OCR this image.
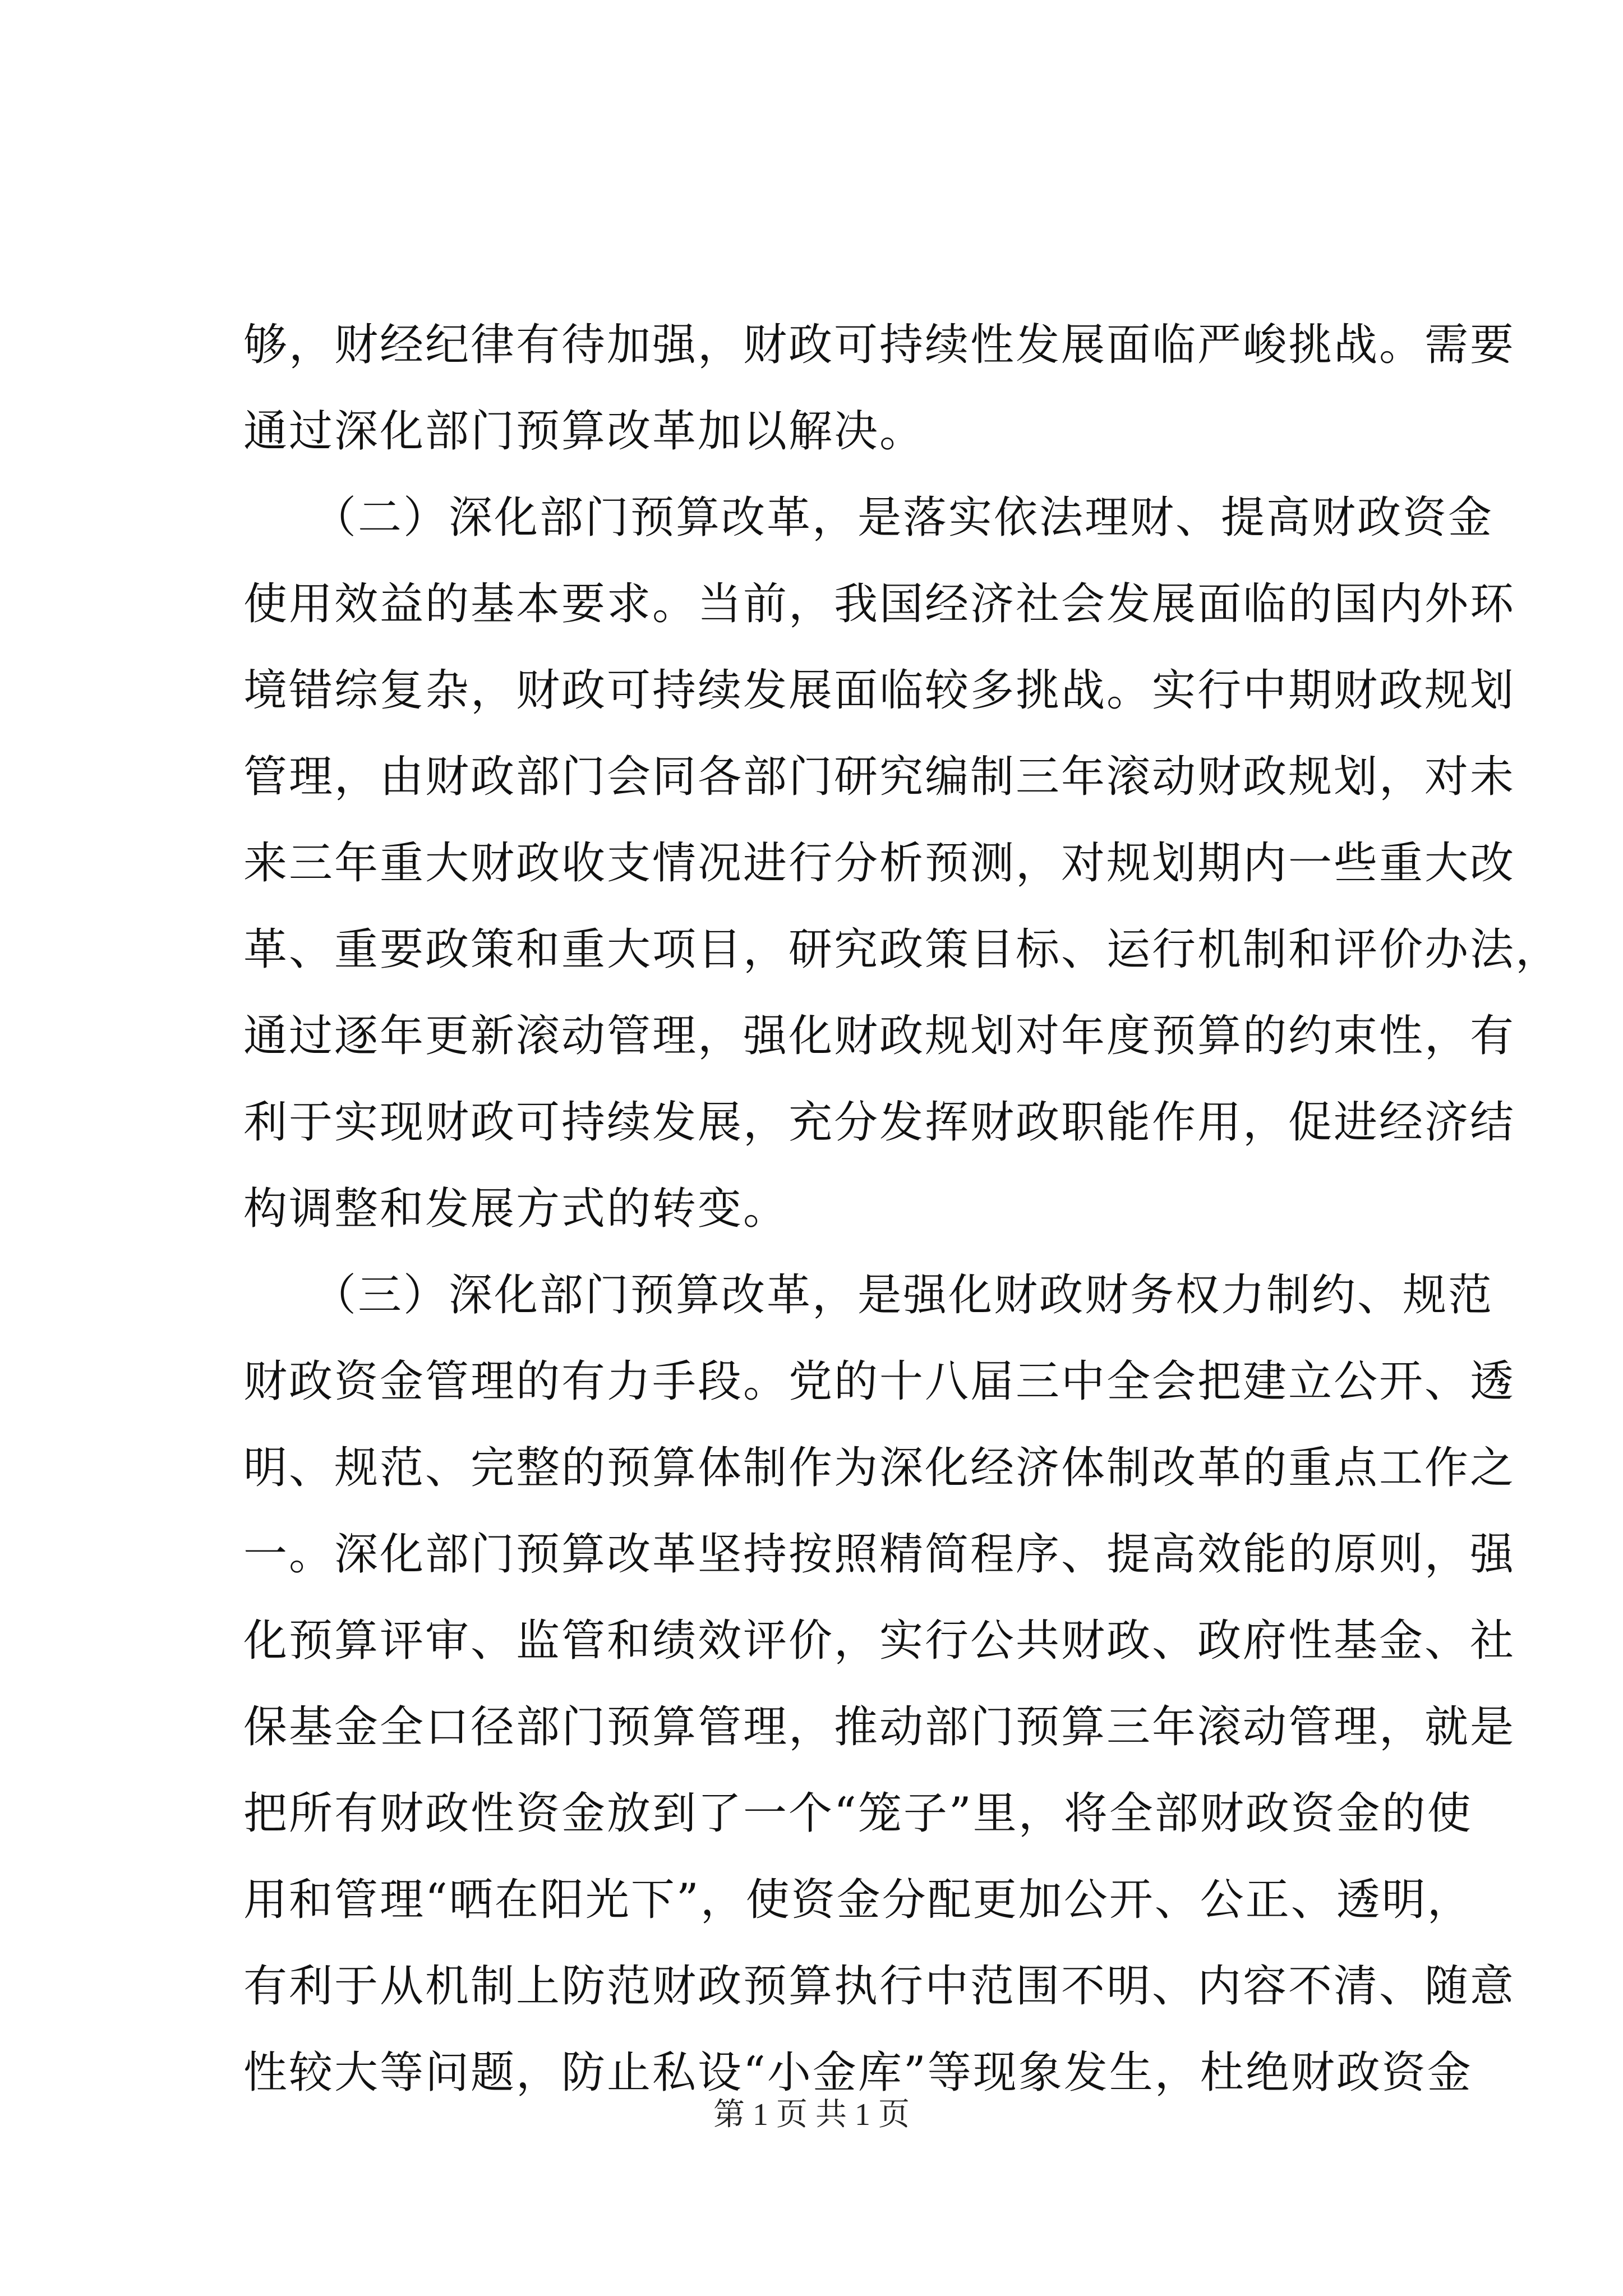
够，财经纪律有待加强，财政可持续性发展面临严峻挑战。需要
通过深化部门预算改革加以解决。
　　（二）深化部门预算改革，是落实依法理财、提高财政资金
使用效益的基本要求。当前，我国经济社会发展面临的国内外环
境错综复杂，财政可持续发展面临较多挑战。实行中期财政规划
管理，由财政部门会同各部门研究编制三年滚动财政规划，对未
来三年重大财政收支情况进行分析预测，对规划期内一些重大改
革、重要政策和重大项目，研究政策目标、运行机制和评价办法，
通过逐年更新滚动管理，强化财政规划对年度预算的约束性，有
利于实现财政可持续发展，充分发挥财政职能作用，促进经济结
构调整和发展方式的转变。
　　（三）深化部门预算改革，是强化财政财务权力制约、规范
财政资金管理的有力手段。党的十八届三中全会把建立公开、透
明、规范、完整的预算体制作为深化经济体制改革的重点工作之
一。深化部门预算改革坚持按照精简程序、提高效能的原则，强
化预算评审、监管和绩效评价，实行公共财政、政府性基金、社
保基金全口径部门预算管理，推动部门预算三年滚动管理，就是
把所有财政性资金放到了一个“笼子”里，将全部财政资金的使
用和管理“晒在阳光下”，使资金分配更加公开、公正、透明，
有利于从机制上防范财政预算执行中范围不明、内容不清、随意
性较大等问题，防止私设“小金库”等现象发生，杜绝财政资金
第 1 页 共 1 页
